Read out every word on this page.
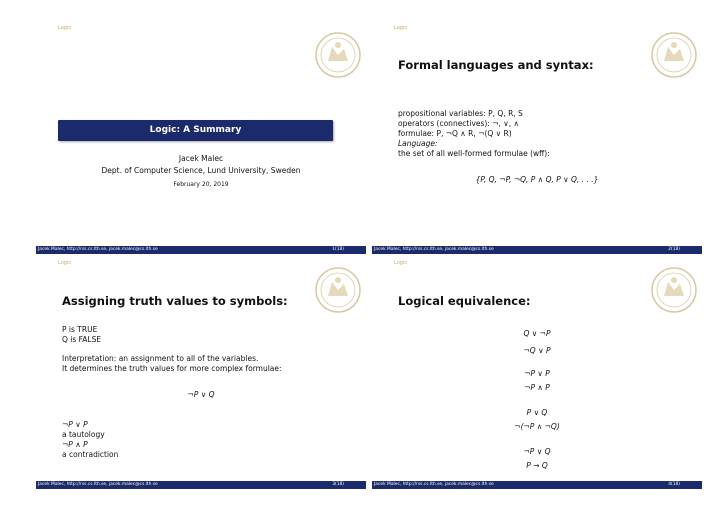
Logic
Logic: A Summary
Jacek Malec
Dept. of Computer Science, Lund University, Sweden
February 20, 2019
Jacek Malec, http://rss.cs.lth.se, jacek.malec@cs.lth.se	1(18)
Logic
Formal languages and syntax:
propositional variables: P, Q, R, S
operators (connectives): ¬, ∨, ∧
formulae: P, ¬Q ∧ R, ¬(Q ∨ R)
Language:
the set of all well-formed formulae (wff):
{P, Q, ¬P, ¬Q, P ∧ Q, P ∨ Q, . . .}
Jacek Malec, http://rss.cs.lth.se, jacek.malec@cs.lth.se	2(18)
Logic
Assigning truth values to symbols:
P is TRUE
Q is FALSE
Interpretation: an assignment to all of the variables.
It determines the truth values for more complex formulae:
¬P ∨ Q
¬P ∨ P
a tautology
¬P ∧ P
a contradiction
Jacek Malec, http://rss.cs.lth.se, jacek.malec@cs.lth.se	3(18)
Logic
Logical equivalence:
Q ∨ ¬P
¬Q ∨ P
¬P ∨ P
¬P ∧ P
P ∨ Q
¬(¬P ∧ ¬Q)
¬P ∨ Q
P → Q
Jacek Malec, http://rss.cs.lth.se, jacek.malec@cs.lth.se	4(18)
